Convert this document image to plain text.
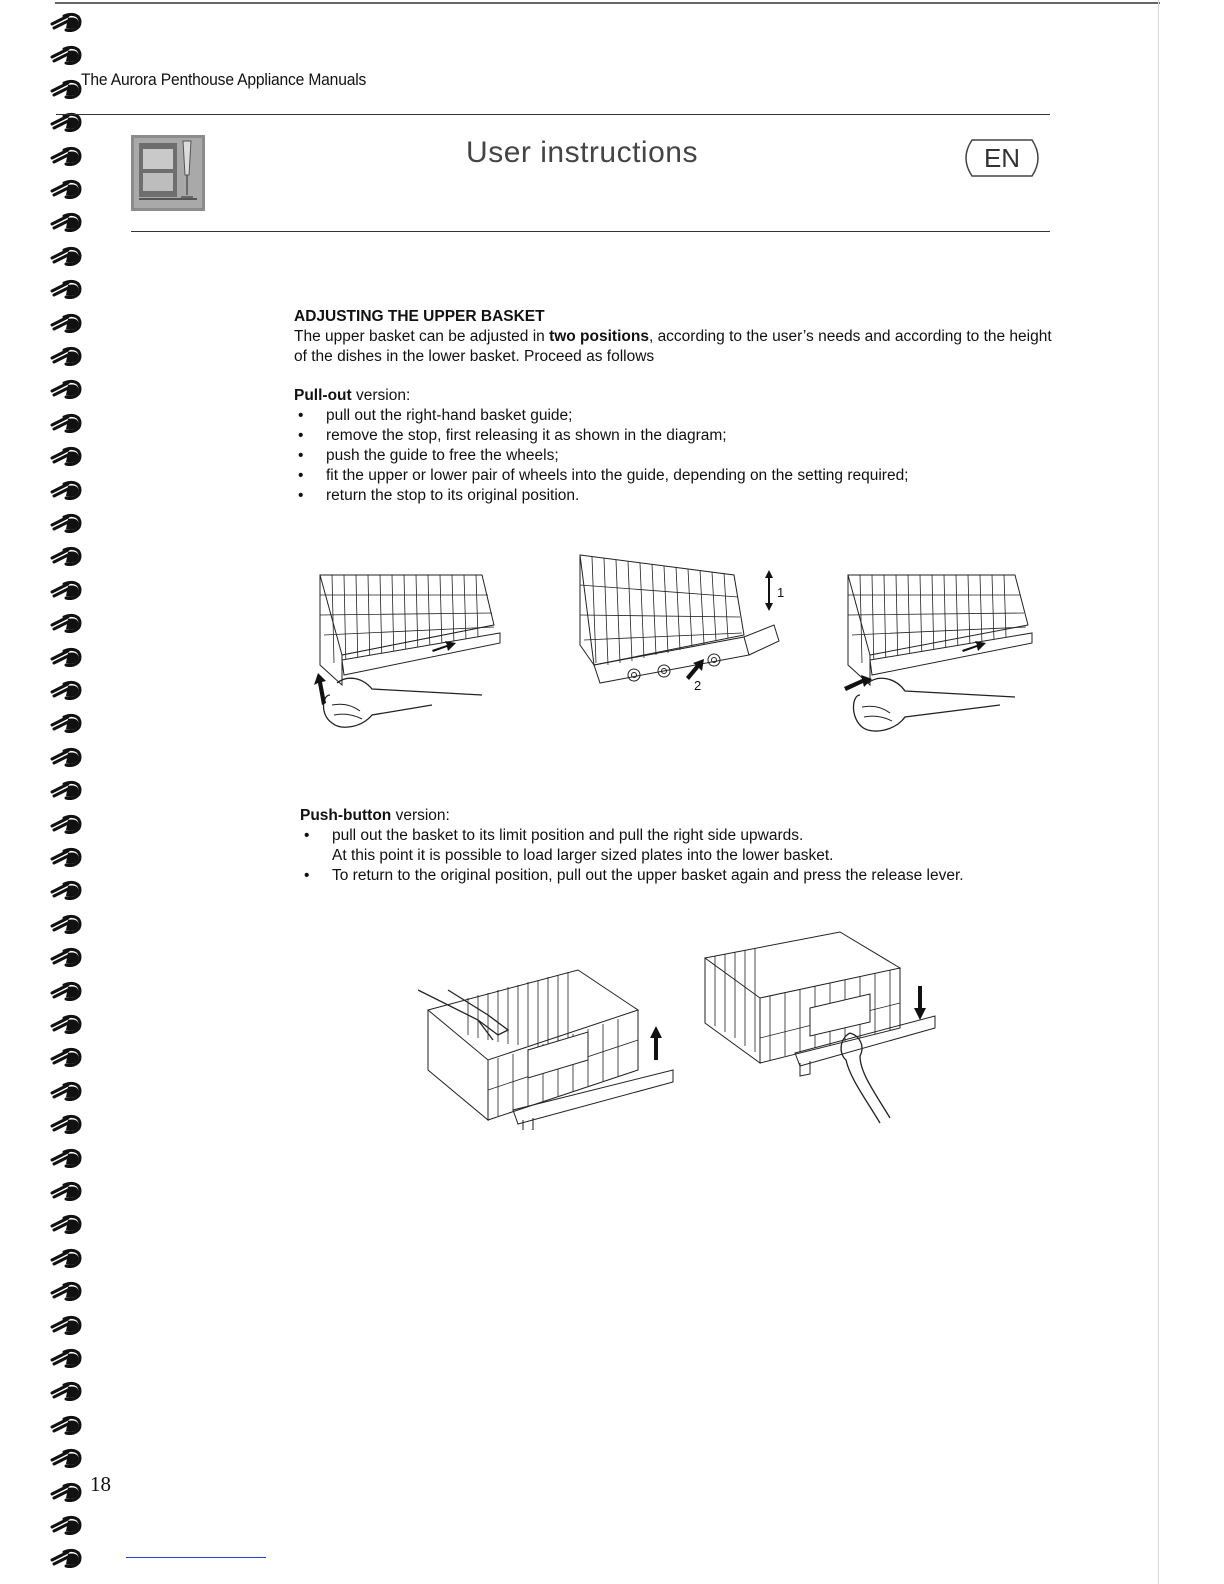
The Aurora Penthouse Appliance Manuals
User instructions	EN
ADJUSTING THE UPPER BASKET
The upper basket can be adjusted in two positions, according to the user’s needs and according to the height of the dishes in the lower basket. Proceed as follows
Pull-out version:
• pull out the right-hand basket guide;
• remove the stop, first releasing it as shown in the diagram;
• push the guide to free the wheels;
• fit the upper or lower pair of wheels into the guide, depending on the setting required;
• return the stop to its original position.
1
2
Push-button version:
• pull out the basket to its limit position and pull the right side upwards.
At this point it is possible to load larger sized plates into the lower basket.
• To return to the original position, pull out the upper basket again and press the release lever.
18
